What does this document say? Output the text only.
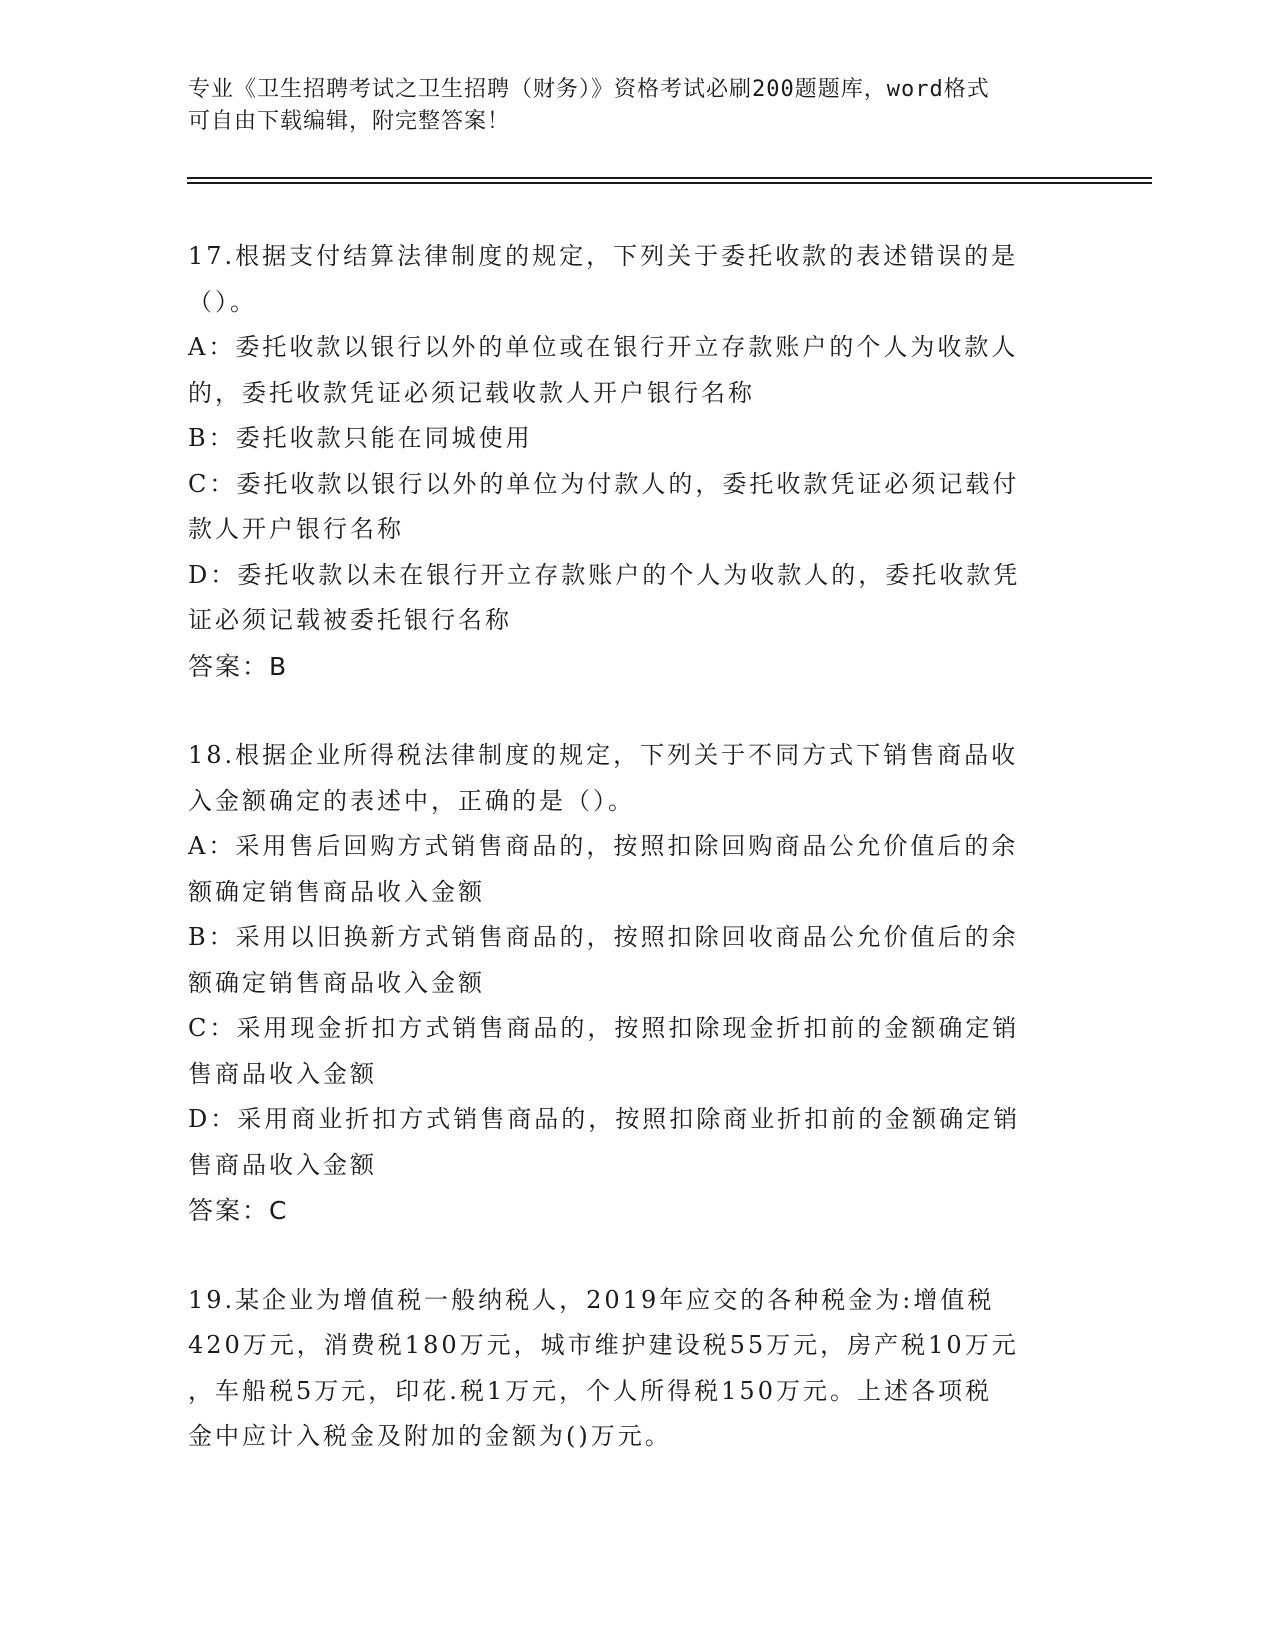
专业《卫生招聘考试之卫生招聘（财务）》资格考试必刷200题题库，word格式
可自由下载编辑，附完整答案！
17.根据支付结算法律制度的规定，下列关于委托收款的表述错误的是
（）。
A：委托收款以银行以外的单位或在银行开立存款账户的个人为收款人
的，委托收款凭证必须记载收款人开户银行名称
B：委托收款只能在同城使用
C：委托收款以银行以外的单位为付款人的，委托收款凭证必须记载付
款人开户银行名称
D：委托收款以未在银行开立存款账户的个人为收款人的，委托收款凭
证必须记载被委托银行名称
答案：B
18.根据企业所得税法律制度的规定，下列关于不同方式下销售商品收
入金额确定的表述中，正确的是（）。
A：采用售后回购方式销售商品的，按照扣除回购商品公允价值后的余
额确定销售商品收入金额
B：采用以旧换新方式销售商品的，按照扣除回收商品公允价值后的余
额确定销售商品收入金额
C：采用现金折扣方式销售商品的，按照扣除现金折扣前的金额确定销
售商品收入金额
D：采用商业折扣方式销售商品的，按照扣除商业折扣前的金额确定销
售商品收入金额
答案：C
19.某企业为增值税一般纳税人，2019年应交的各种税金为:增值税
420万元，消费税180万元，城市维护建设税55万元，房产税10万元
，车船税5万元，印花.税1万元，个人所得税150万元。上述各项税
金中应计入税金及附加的金额为()万元。
